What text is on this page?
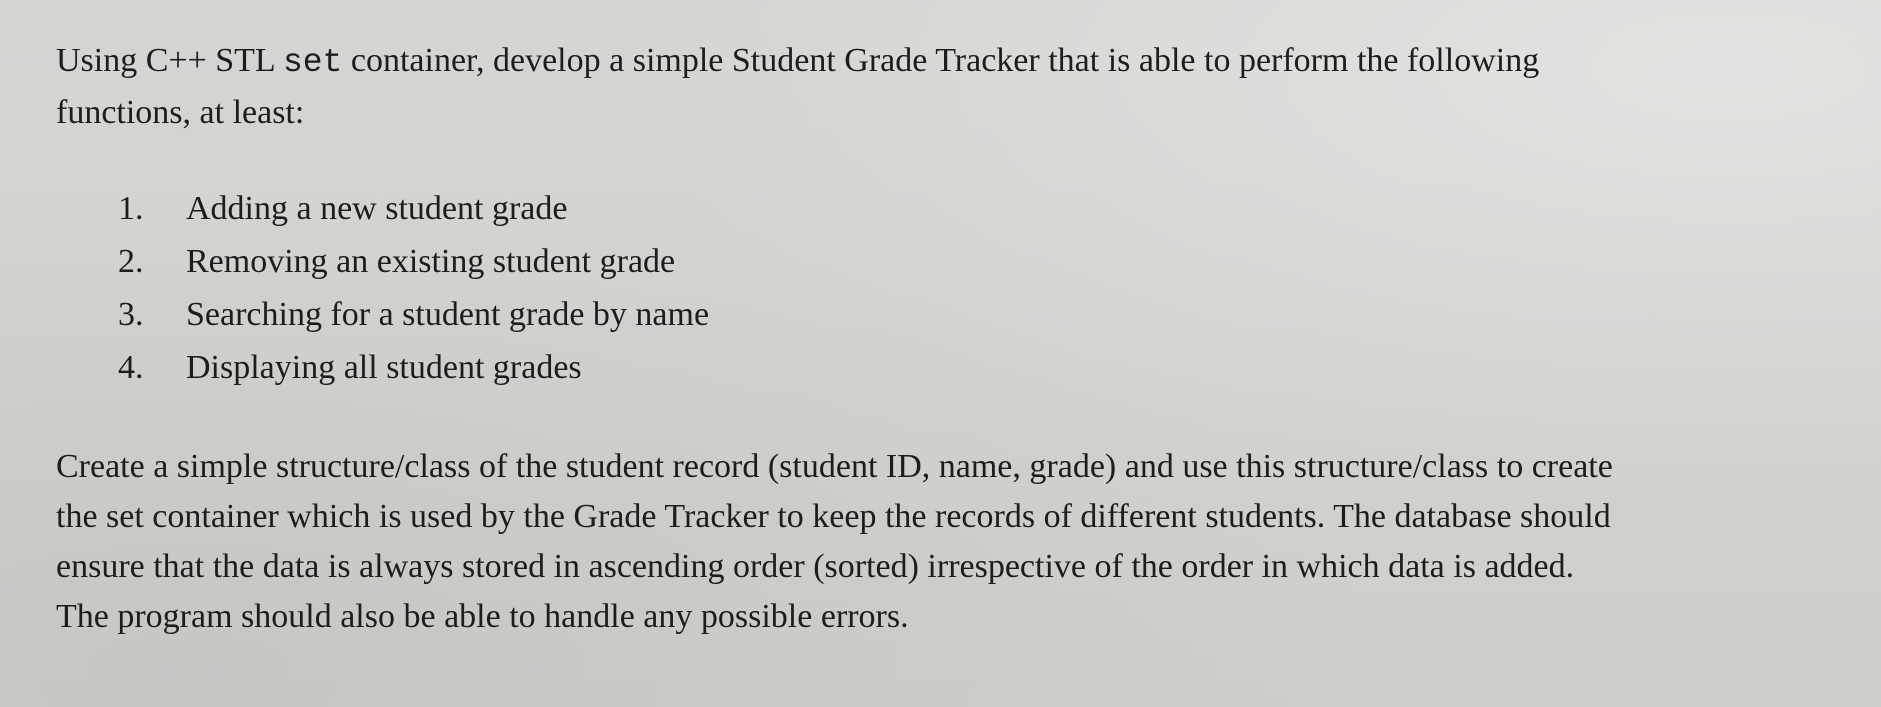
Using C++ STL set container, develop a simple Student Grade Tracker that is able to perform the following
functions, at least:

1.	Adding a new student grade
2.	Removing an existing student grade
3.	Searching for a student grade by name
4.	Displaying all student grades

Create a simple structure/class of the student record (student ID, name, grade) and use this structure/class to create
the set container which is used by the Grade Tracker to keep the records of different students. The database should
ensure that the data is always stored in ascending order (sorted) irrespective of the order in which data is added.
The program should also be able to handle any possible errors.
